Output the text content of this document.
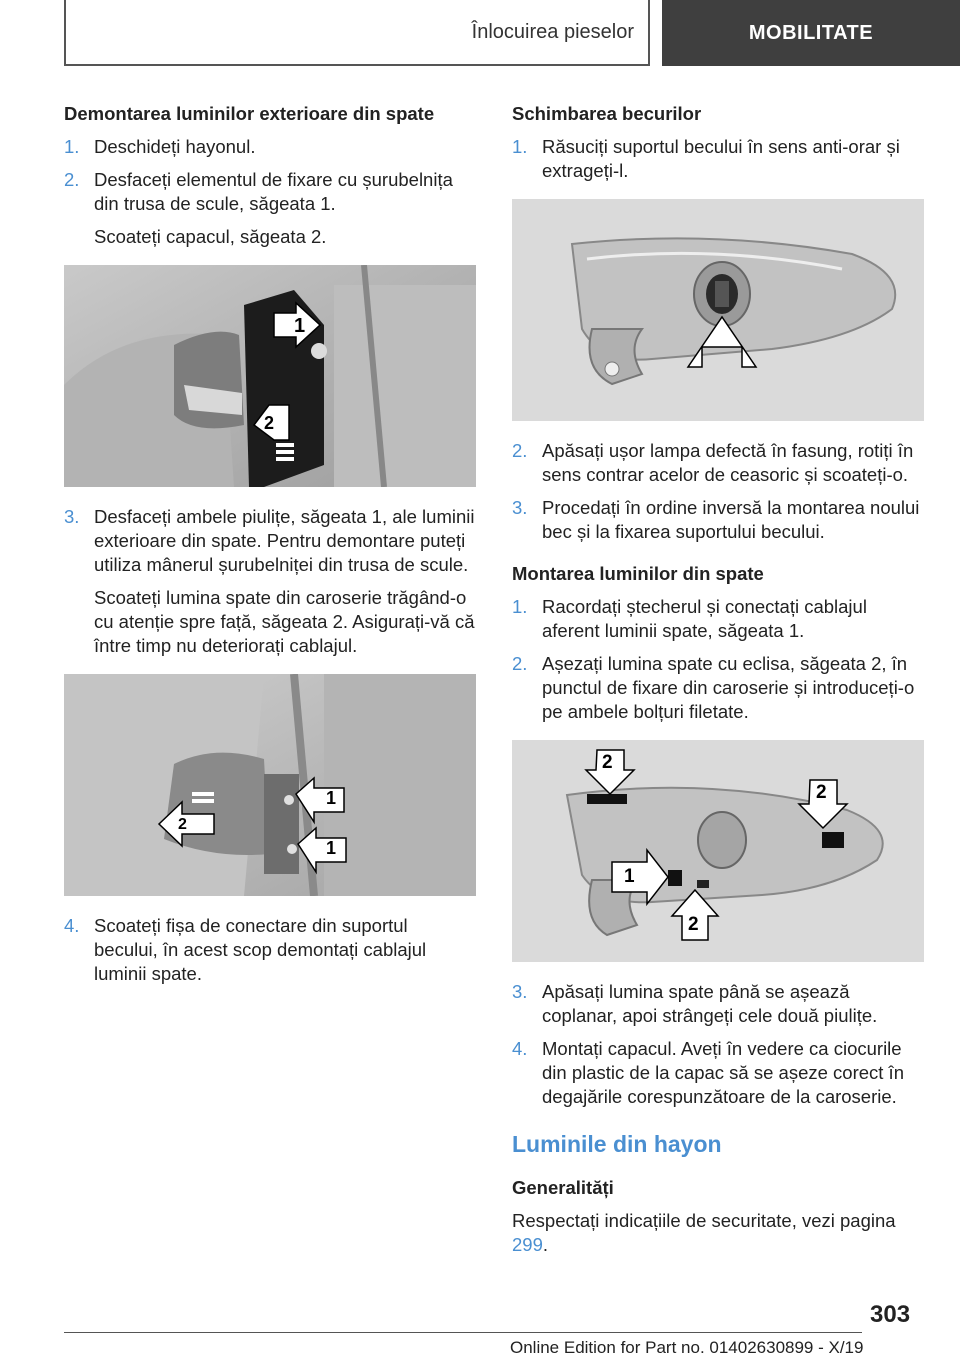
Înlocuirea pieselor	MOBILITATE
Demontarea luminilor exterioare din spate
1. Deschideți hayonul.
2. Desfaceți elementul de fixare cu șurubelnița din trusa de scule, săgeata 1.
Scoateți capacul, săgeata 2.
1
2
3. Desfaceți ambele piulițe, săgeata 1, ale luminii exterioare din spate. Pentru demontare puteți utiliza mânerul șurubelniței din trusa de scule.
Scoateți lumina spate din caroserie trăgând-o cu atenție spre față, săgeata 2. Asigurați-vă că între timp nu deteriorați cablajul.
1
1
2
4. Scoateți fișa de conectare din suportul becului, în acest scop demontați cablajul luminii spate.
Schimbarea becurilor
1. Răsuciți suportul becului în sens anti-orar și extrageți-l.
2. Apăsați ușor lampa defectă în fasung, rotiți în sens contrar acelor de ceasoric și scoateți-o.
3. Procedați în ordine inversă la montarea noului bec și la fixarea suportului becului.
Montarea luminilor din spate
1. Racordați ștecherul și conectați cablajul aferent luminii spate, săgeata 1.
2. Așezați lumina spate cu eclisa, săgeata 2, în punctul de fixare din caroserie și introduceți-o pe ambele bolțuri filetate.
2
2
1
2
3. Apăsați lumina spate până se așează coplanar, apoi strângeți cele două piulițe.
4. Montați capacul. Aveți în vedere ca ciocurile din plastic de la capac să se așeze corect în degajările corespunzătoare de la caroserie.
Luminile din hayon
Generalități
Respectați indicațiile de securitate, vezi pagina 299.
303
Online Edition for Part no. 01402630899 - X/19
